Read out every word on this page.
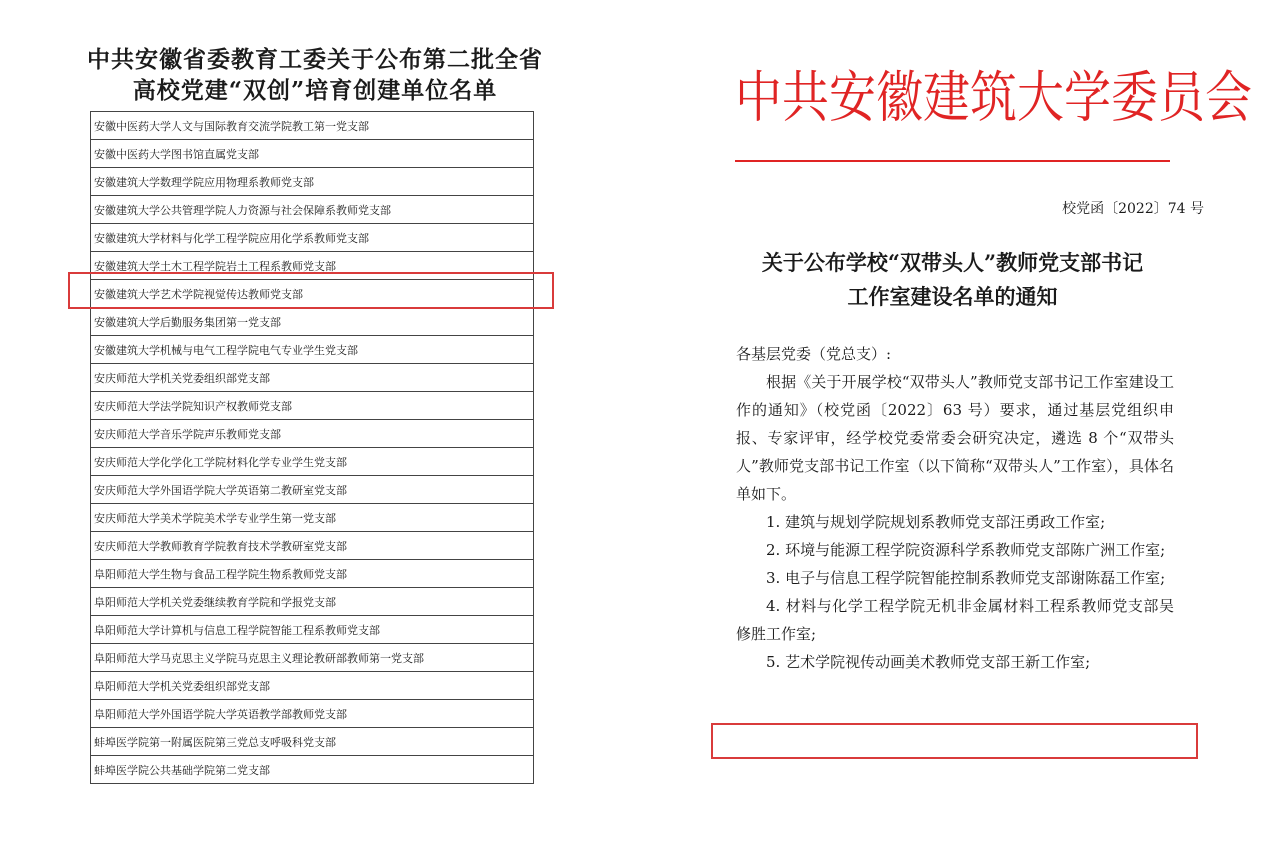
中共安徽省委教育工委关于公布第二批全省
高校党建“双创”培育创建单位名单
安徽中医药大学人文与国际教育交流学院教工第一党支部
安徽中医药大学图书馆直属党支部
安徽建筑大学数理学院应用物理系教师党支部
安徽建筑大学公共管理学院人力资源与社会保障系教师党支部
安徽建筑大学材料与化学工程学院应用化学系教师党支部
安徽建筑大学土木工程学院岩土工程系教师党支部
安徽建筑大学艺术学院视觉传达教师党支部
安徽建筑大学后勤服务集团第一党支部
安徽建筑大学机械与电气工程学院电气专业学生党支部
安庆师范大学机关党委组织部党支部
安庆师范大学法学院知识产权教师党支部
安庆师范大学音乐学院声乐教师党支部
安庆师范大学化学化工学院材料化学专业学生党支部
安庆师范大学外国语学院大学英语第二教研室党支部
安庆师范大学美术学院美术学专业学生第一党支部
安庆师范大学教师教育学院教育技术学教研室党支部
阜阳师范大学生物与食品工程学院生物系教师党支部
阜阳师范大学机关党委继续教育学院和学报党支部
阜阳师范大学计算机与信息工程学院智能工程系教师党支部
阜阳师范大学马克思主义学院马克思主义理论教研部教师第一党支部
阜阳师范大学机关党委组织部党支部
阜阳师范大学外国语学院大学英语教学部教师党支部
蚌埠医学院第一附属医院第三党总支呼吸科党支部
蚌埠医学院公共基础学院第二党支部
中共安徽建筑大学委员会
校党函〔2022〕74 号
关于公布学校“双带头人”教师党支部书记
工作室建设名单的通知

各基层党委（党总支）:

根据《关于开展学校“双带头人”教师党支部书记工作室建设工作的通知》（校党函〔2022〕63 号）要求，通过基层党组织申报、专家评审，经学校党委常委会研究决定，遴选 8 个“双带头人”教师党支部书记工作室（以下简称“双带头人”工作室），具体名单如下。

1. 建筑与规划学院规划系教师党支部汪勇政工作室;

2. 环境与能源工程学院资源科学系教师党支部陈广洲工作室;

3. 电子与信息工程学院智能控制系教师党支部谢陈磊工作室;

4. 材料与化学工程学院无机非金属材料工程系教师党支部吴修胜工作室;

5. 艺术学院视传动画美术教师党支部王新工作室;
